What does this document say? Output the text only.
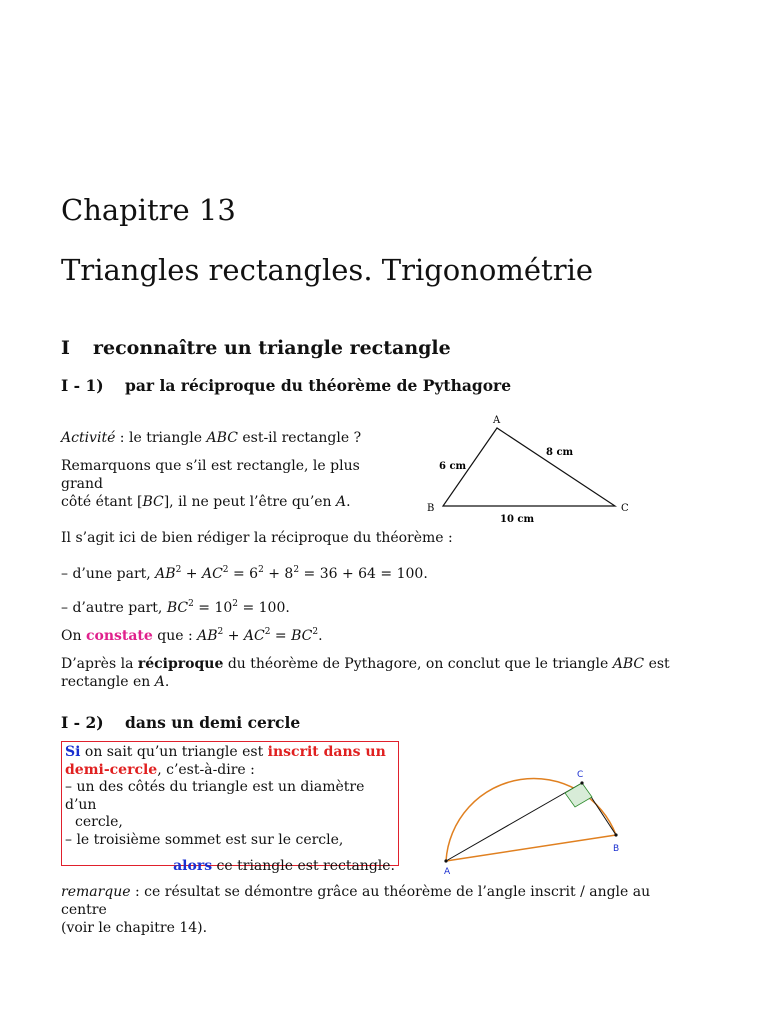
Chapitre 13
Triangles rectangles. Trigonométrie
I reconnaître un triangle rectangle
I - 1) par la réciproque du théorème de Pythagore
Activité : le triangle ABC est-il rectangle ?
Remarquons que s’il est rectangle, le plus grand
côté étant [BC], il ne peut l’être qu’en A.
A
B	C
6 cm
8 cm
10 cm
Il s’agit ici de bien rédiger la réciproque du théorème :
– d’une part, $AB^2 + AC^2 = 6^2 + 8^2 = 36 + 64 = 100$.
– d’autre part, $BC^2 = 10^2 = 100$.
On constate que : $AB^2 + AC^2 = BC^2$.
D’après la réciproque du théorème de Pythagore, on conclut que le triangle ABC est
rectangle en A.
I - 2) dans un demi cercle
Si on sait qu’un triangle est inscrit dans un
demi-cercle, c’est-à-dire :
– un des côtés du triangle est un diamètre d’un
cercle,
– le troisième sommet est sur le cercle,
alors ce triangle est rectangle.	A
B
C
remarque : ce résultat se démontre grâce au théorème de l’angle inscrit / angle au centre
(voir le chapitre 14).
